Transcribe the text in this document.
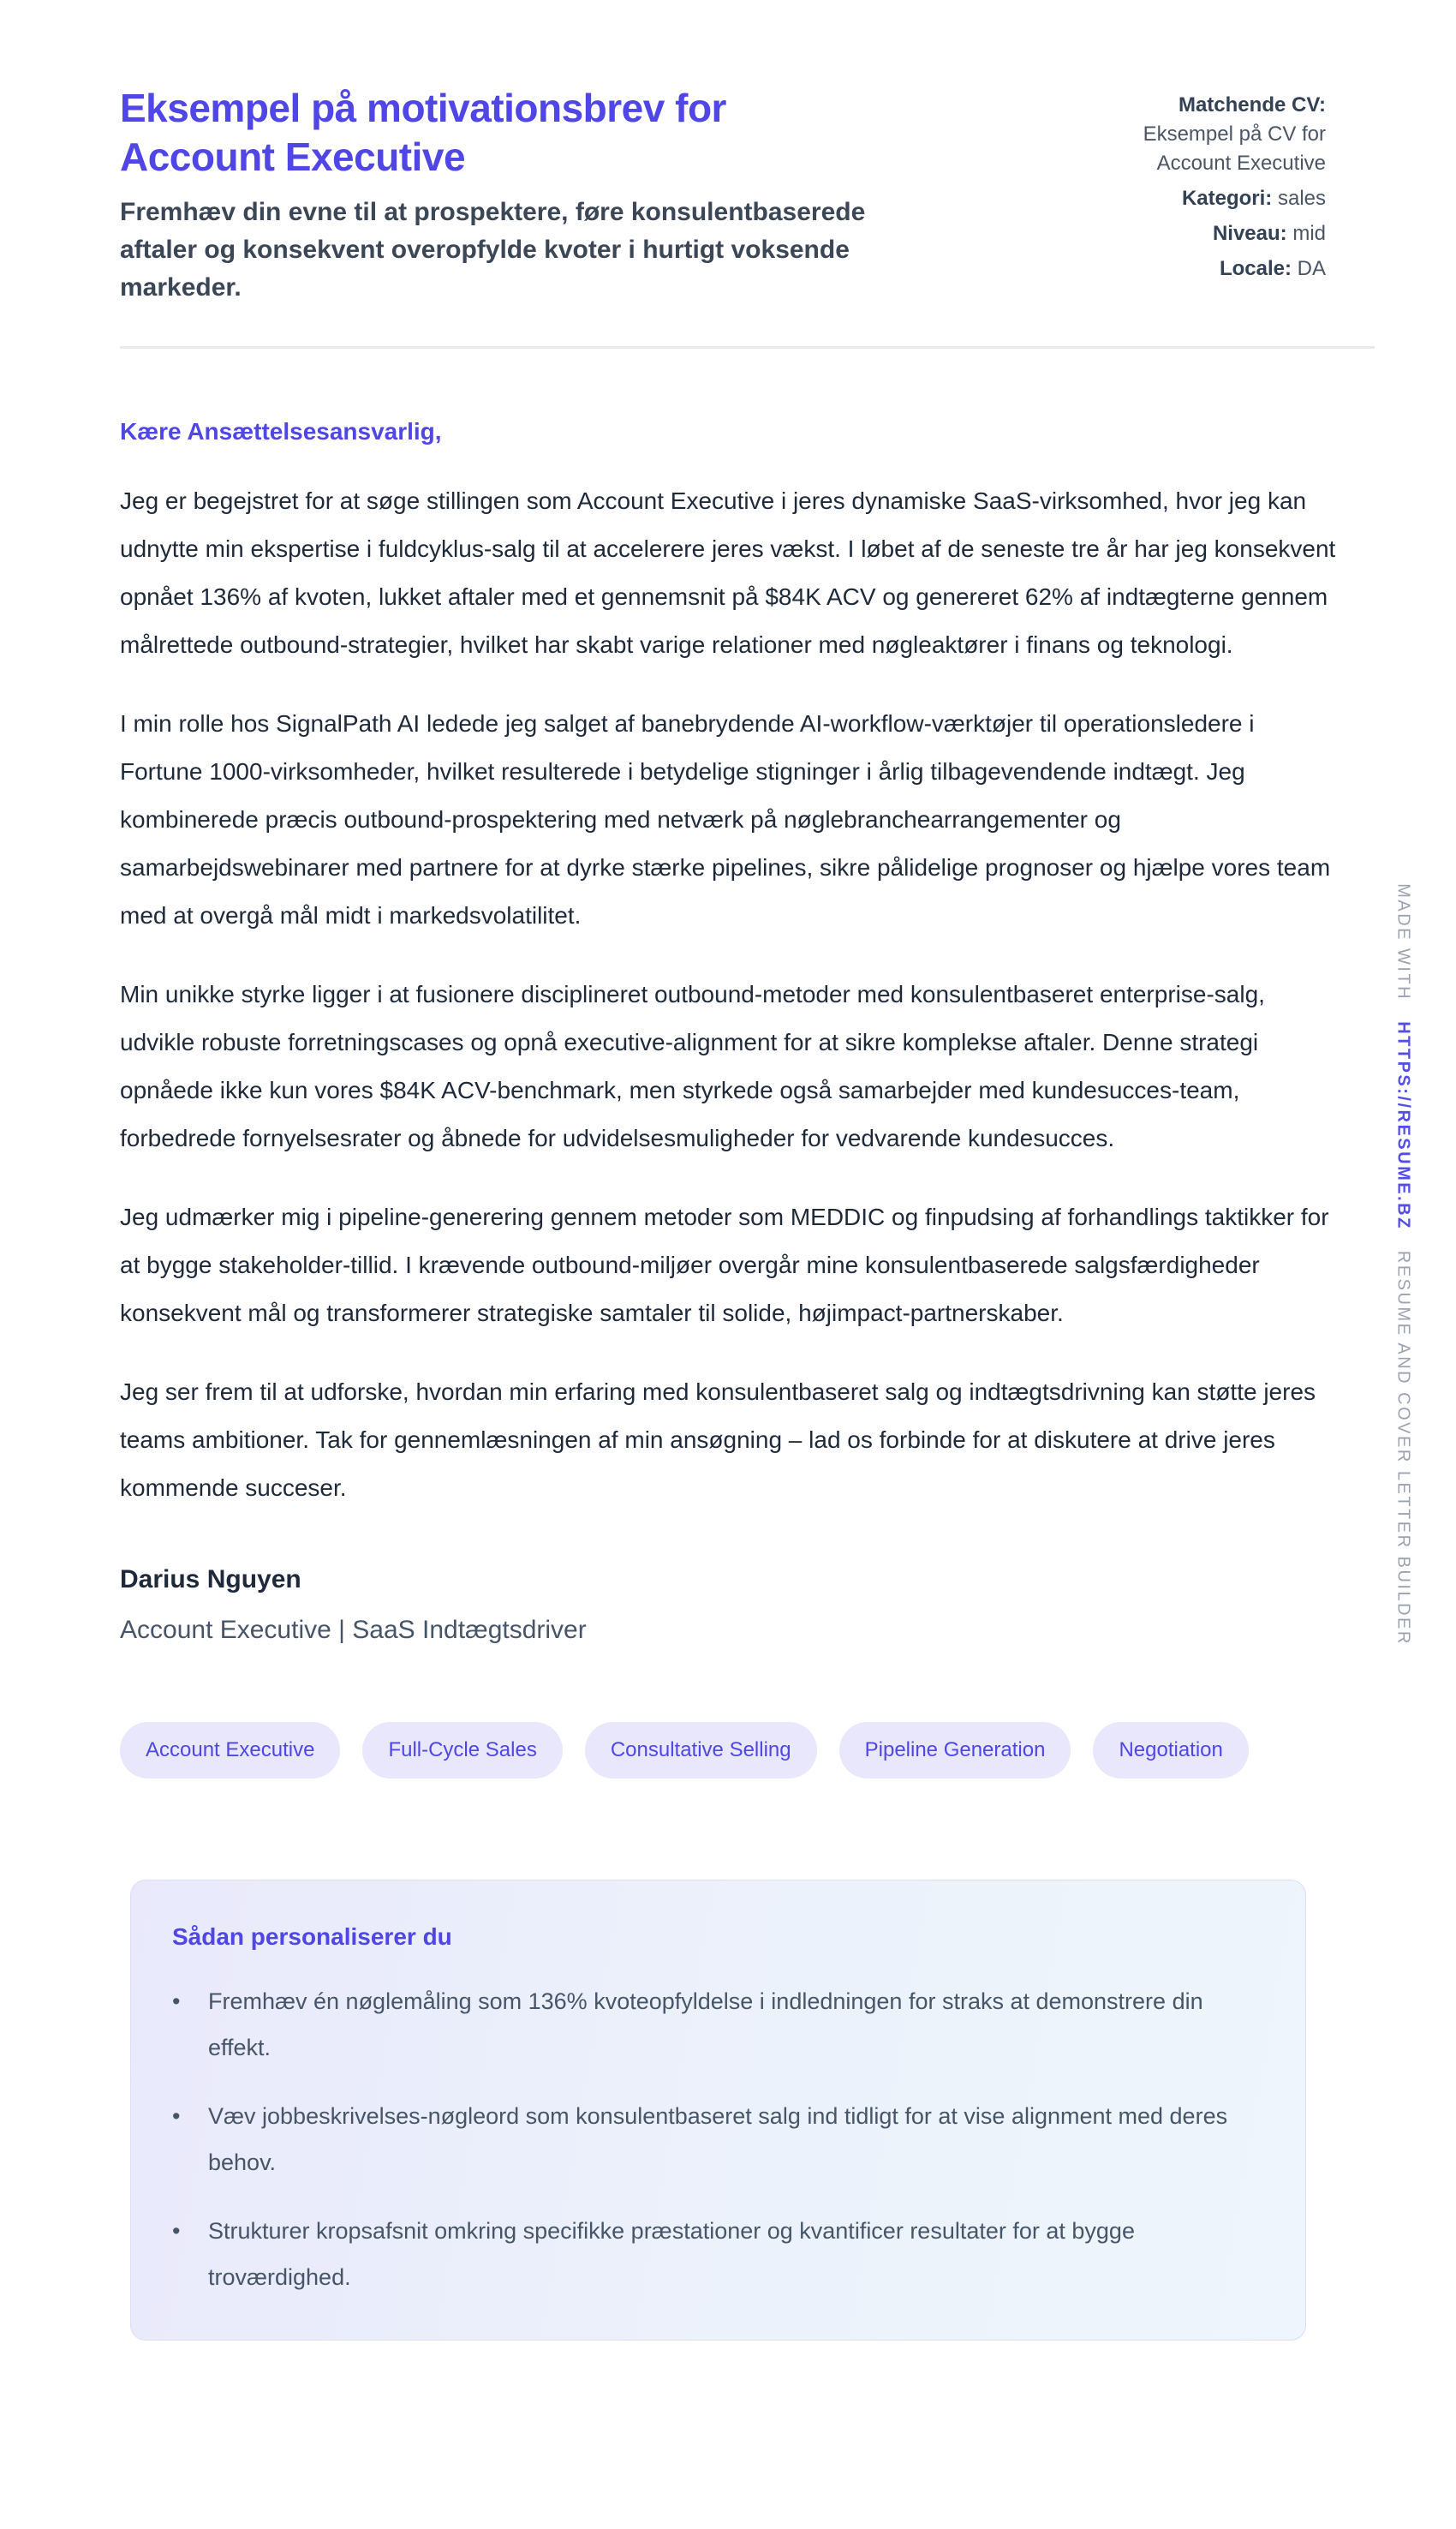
Eksempel på motivationsbrev for Account Executive
Fremhæv din evne til at prospektere, føre konsulentbaserede aftaler og konsekvent overopfylde kvoter i hurtigt voksende markeder.
Matchende CV:
Eksempel på CV for Account Executive
Kategori: sales
Niveau: mid
Locale: DA
Kære Ansættelsesansvarlig,

Jeg er begejstret for at søge stillingen som Account Executive i jeres dynamiske SaaS-virksomhed, hvor jeg kan udnytte min ekspertise i fuldcyklus-salg til at accelerere jeres vækst. I løbet af de seneste tre år har jeg konsekvent opnået 136% af kvoten, lukket aftaler med et gennemsnit på $84K ACV og genereret 62% af indtægterne gennem målrettede outbound-strategier, hvilket har skabt varige relationer med nøgleaktører i finans og teknologi.

I min rolle hos SignalPath AI ledede jeg salget af banebrydende AI-workflow-værktøjer til operationsledere i Fortune 1000-virksomheder, hvilket resulterede i betydelige stigninger i årlig tilbagevendende indtægt. Jeg kombinerede præcis outbound-prospektering med netværk på nøglebranchearrangementer og samarbejdswebinarer med partnere for at dyrke stærke pipelines, sikre pålidelige prognoser og hjælpe vores team med at overgå mål midt i markedsvolatilitet.

Min unikke styrke ligger i at fusionere disciplineret outbound-metoder med konsulentbaseret enterprise-salg, udvikle robuste forretningscases og opnå executive-alignment for at sikre komplekse aftaler. Denne strategi opnåede ikke kun vores $84K ACV-benchmark, men styrkede også samarbejder med kundesucces-team, forbedrede fornyelsesrater og åbnede for udvidelsesmuligheder for vedvarende kundesucces.

Jeg udmærker mig i pipeline-generering gennem metoder som MEDDIC og finpudsing af forhandlings taktikker for at bygge stakeholder-tillid. I krævende outbound-miljøer overgår mine konsulentbaserede salgsfærdigheder konsekvent mål og transformerer strategiske samtaler til solide, højimpact-partnerskaber.

Jeg ser frem til at udforske, hvordan min erfaring med konsulentbaseret salg og indtægtsdrivning kan støtte jeres teams ambitioner. Tak for gennemlæsningen af min ansøgning – lad os forbinde for at diskutere at drive jeres kommende succeser.

Darius Nguyen
Account Executive | SaaS Indtægtsdriver
Account Executive	Full-Cycle Sales	Consultative Selling	Pipeline Generation	Negotiation
Sådan personaliserer du
•	Fremhæv én nøglemåling som 136% kvoteopfyldelse i indledningen for straks at demonstrere din effekt.
•	Væv jobbeskrivelses-nøgleord som konsulentbaseret salg ind tidligt for at vise alignment med deres behov.
•	Strukturer kropsafsnit omkring specifikke præstationer og kvantificer resultater for at bygge troværdighed.
MADE WITH HTTPS://RESUME.BZ RESUME AND COVER LETTER BUILDER
